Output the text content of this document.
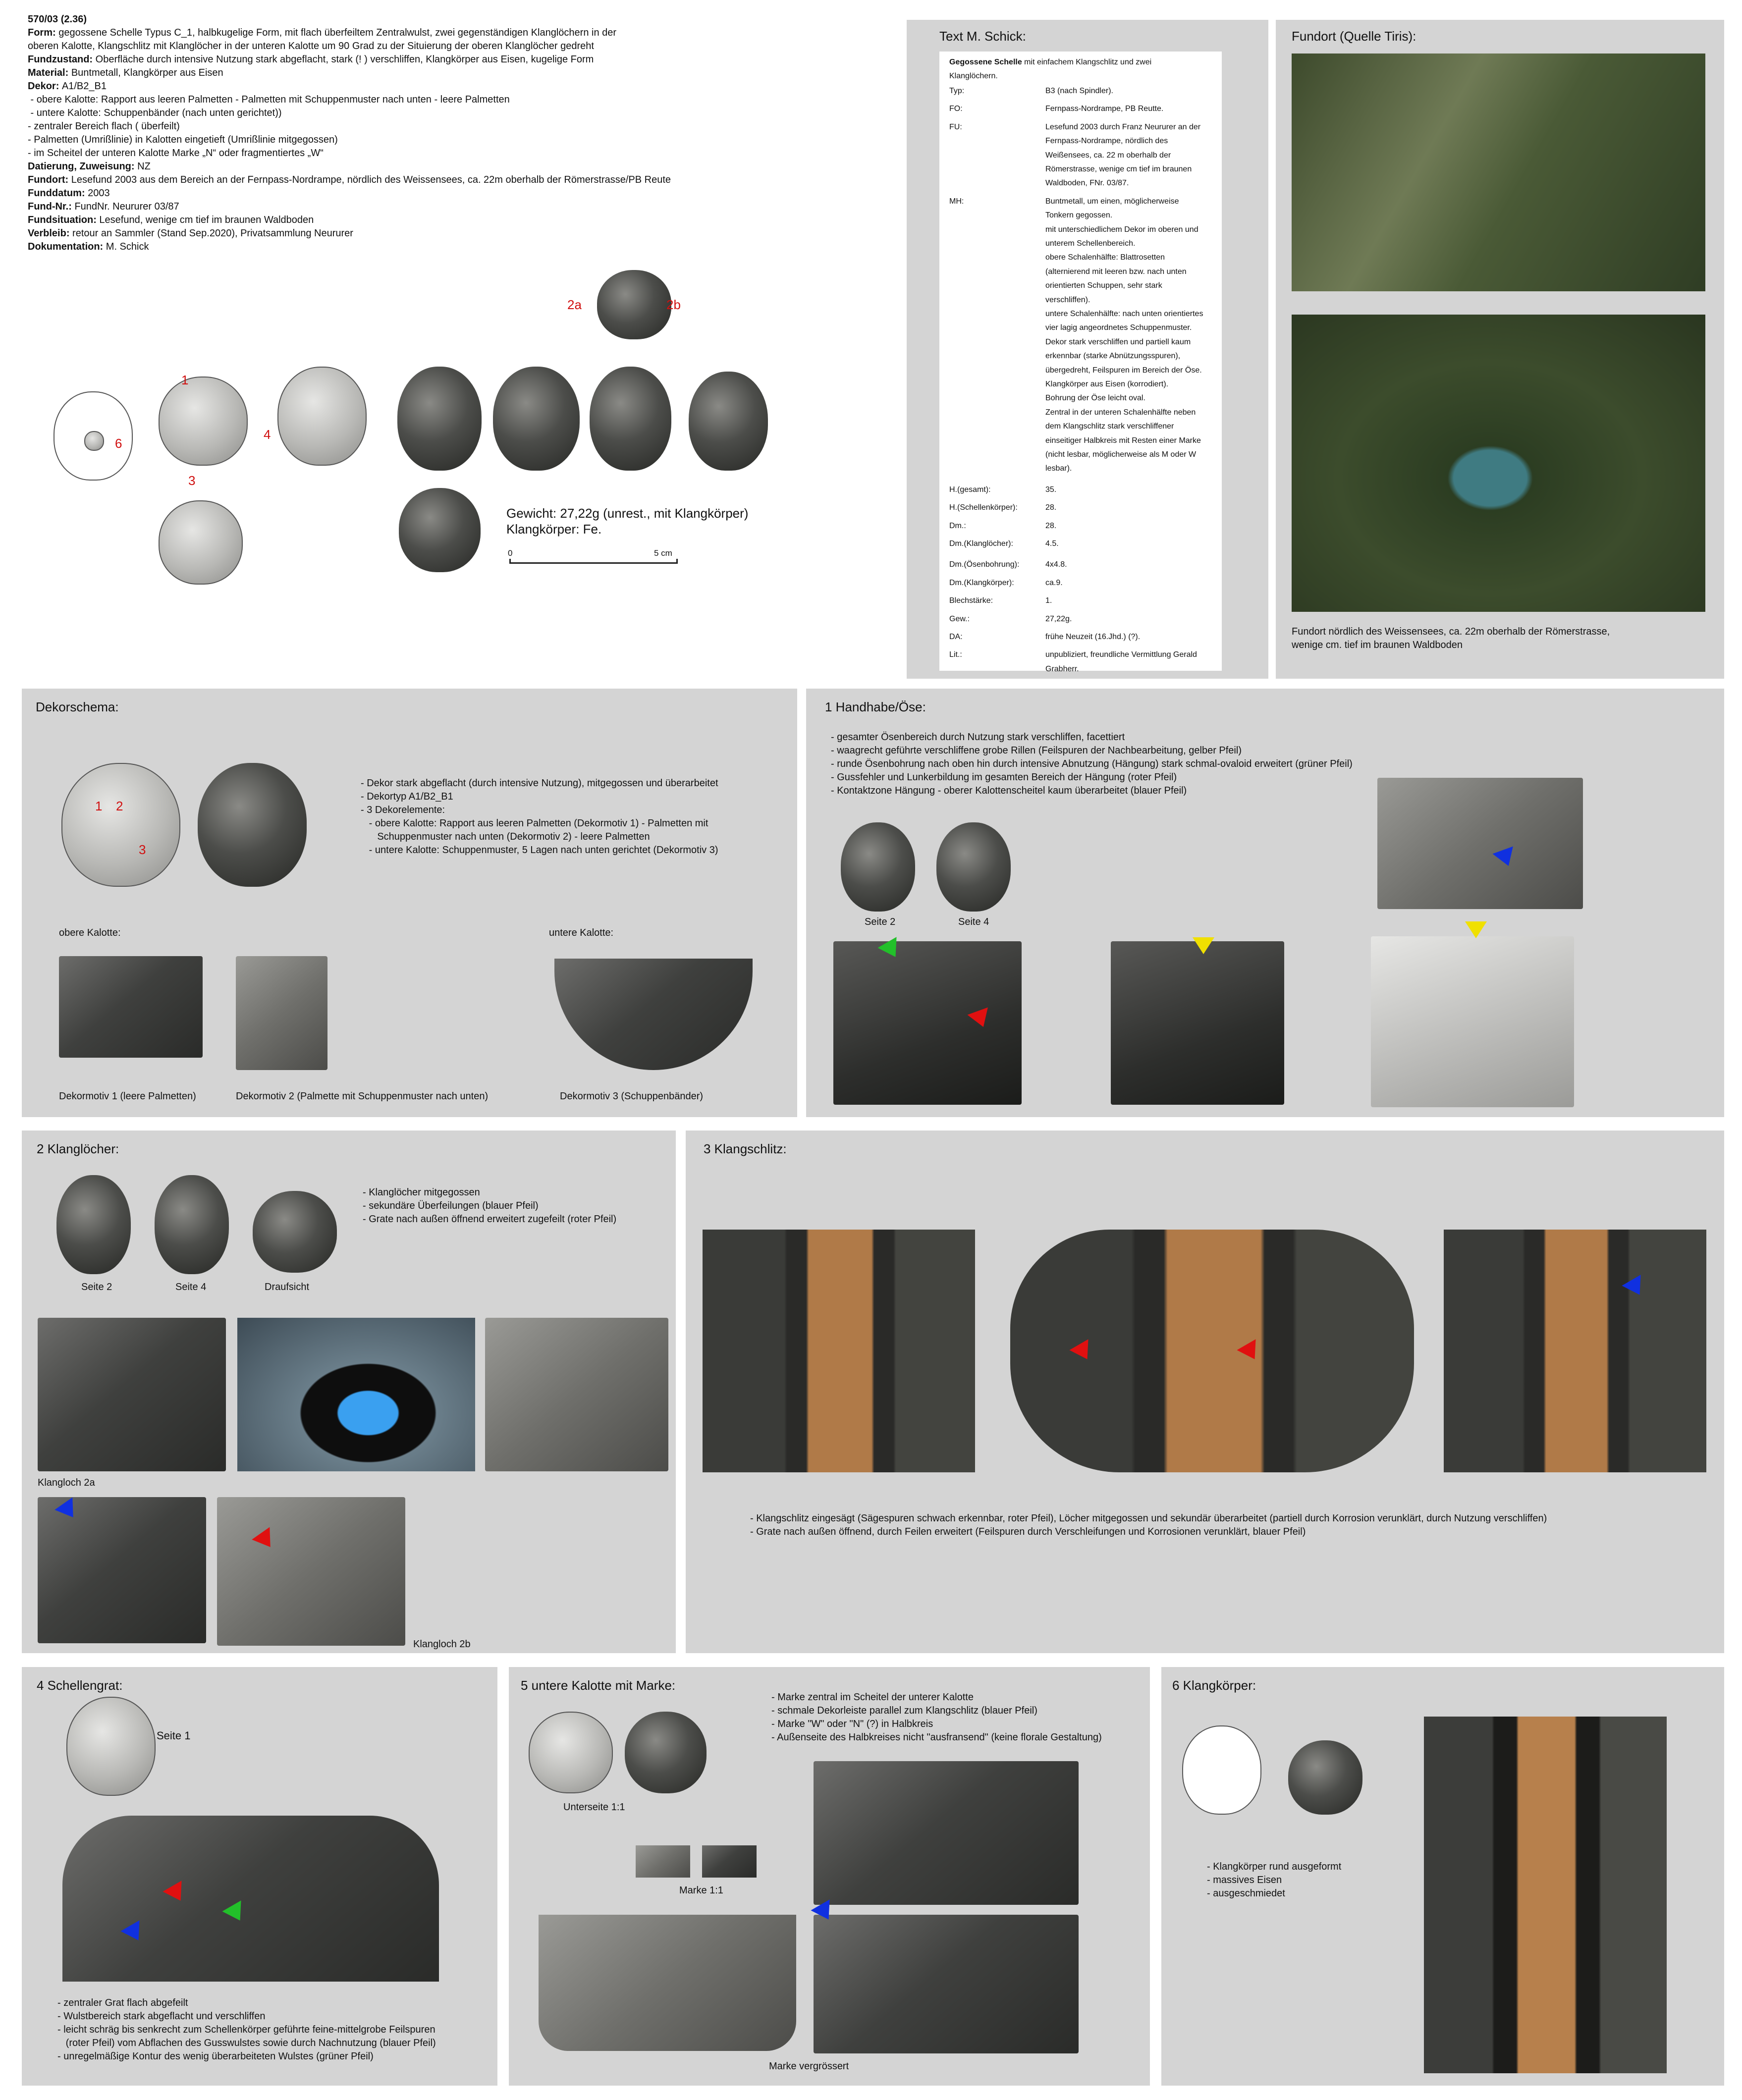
570/03 (2.36)
Form: gegossene Schelle Typus C_1, halbkugelige Form, mit flach überfeiltem Zentralwulst, zwei gegenständigen Klanglöchern in der
oberen Kalotte, Klangschlitz mit Klanglöcher in der unteren Kalotte um 90 Grad zu der Situierung der oberen Klanglöcher gedreht
Fundzustand: Oberfläche durch intensive Nutzung stark abgeflacht, stark (! ) verschliffen, Klangkörper aus Eisen, kugelige Form
Material: Buntmetall, Klangkörper aus Eisen
Dekor: A1/B2_B1
- obere Kalotte: Rapport aus leeren Palmetten - Palmetten mit Schuppenmuster nach unten - leere Palmetten
- untere Kalotte: Schuppenbänder (nach unten gerichtet))
- zentraler Bereich flach ( überfeilt)
- Palmetten (Umrißlinie) in Kalotten eingetieft (Umrißlinie mitgegossen)
- im Scheitel der unteren Kalotte Marke „N“ oder fragmentiertes „W“
Datierung, Zuweisung: NZ
Fundort: Lesefund 2003 aus dem Bereich an der Fernpass-Nordrampe, nördlich des Weissensees, ca. 22m oberhalb der Römerstrasse/PB Reute
Funddatum: 2003
Fund-Nr.: FundNr. Neururer 03/87
Fundsituation: Lesefund, wenige cm tief im braunen Waldboden
Verbleib: retour an Sammler (Stand Sep.2020), Privatsammlung Neururer
Dokumentation: M. Schick
1
3
4
6
2a	2b
Gewicht: 27,22g (unrest., mit Klangkörper)
Klangkörper: Fe.
0	5 cm
Text M. Schick:
Gegossene Schelle mit einfachem Klangschlitz und zwei
Klanglöchern.
Typ:	B3 (nach Spindler).
FO:	Fernpass-Nordrampe, PB Reutte.
FU:	Lesefund 2003 durch Franz Neururer an der
Fernpass-Nordrampe, nördlich des
Weißensees, ca. 22 m oberhalb der
Römerstrasse, wenige cm tief im braunen
Waldboden, FNr. 03/87.
MH:	Buntmetall, um einen, möglicherweise
Tonkern gegossen.
mit unterschiedlichem Dekor im oberen und
unterem Schellenbereich.
obere Schalenhälfte: Blattrosetten
(alternierend mit leeren bzw. nach unten
orientierten Schuppen, sehr stark
verschliffen).
untere Schalenhälfte: nach unten orientiertes
vier lagig angeordnetes Schuppenmuster.
Dekor stark verschliffen und partiell kaum
erkennbar (starke Abnützungsspuren),
übergedreht, Feilspuren im Bereich der Öse.
Klangkörper aus Eisen (korrodiert).
Bohrung der Öse leicht oval.
Zentral in der unteren Schalenhälfte neben
dem Klangschlitz stark verschliffener
einseitiger Halbkreis mit Resten einer Marke
(nicht lesbar, möglicherweise als M oder W
lesbar).
H.(gesamt):	35.
H.(Schellenkörper):	28.
Dm.:	28.
Dm.(Klanglöcher):	4.5.
Dm.(Ösenbohrung):	4x4.8.
Dm.(Klangkörper):	ca.9.
Blechstärke:	1.
Gew.:	27,22g.
DA:	frühe Neuzeit (16.Jhd.) (?).
Lit.:	unpubliziert, freundliche Vermittlung Gerald
Grabherr.
Fundort (Quelle Tiris):
Fundort nördlich des Weissensees, ca. 22m oberhalb der Römerstrasse,
wenige cm. tief im braunen Waldboden
Dekorschema:
1 2
3
- Dekor stark abgeflacht (durch intensive Nutzung), mitgegossen und überarbeitet
- Dekortyp A1/B2_B1
- 3 Dekorelemente:
- obere Kalotte: Rapport aus leeren Palmetten (Dekormotiv 1) - Palmetten mit
Schuppenmuster nach unten (Dekormotiv 2) - leere Palmetten
- untere Kalotte: Schuppenmuster, 5 Lagen nach unten gerichtet (Dekormotiv 3)
obere Kalotte:	untere Kalotte:
Dekormotiv 1 (leere Palmetten)	Dekormotiv 2 (Palmette mit Schuppenmuster nach unten)	Dekormotiv 3 (Schuppenbänder)
1 Handhabe/Öse:
- gesamter Ösenbereich durch Nutzung stark verschliffen, facettiert
- waagrecht geführte verschliffene grobe Rillen (Feilspuren der Nachbearbeitung, gelber Pfeil)
- runde Ösenbohrung nach oben hin durch intensive Abnutzung (Hängung) stark schmal-ovaloid erweitert (grüner Pfeil)
- Gussfehler und Lunkerbildung im gesamten Bereich der Hängung (roter Pfeil)
- Kontaktzone Hängung - oberer Kalottenscheitel kaum überarbeitet (blauer Pfeil)
Seite 2	Seite 4
2 Klanglöcher:
- Klanglöcher mitgegossen
- sekundäre Überfeilungen (blauer Pfeil)
- Grate nach außen öffnend erweitert zugefeilt (roter Pfeil)
Seite 2	Seite 4	Draufsicht
Klangloch 2a
Klangloch 2b
3 Klangschlitz:
- Klangschlitz eingesägt (Sägespuren schwach erkennbar, roter Pfeil), Löcher mitgegossen und sekundär überarbeitet (partiell durch Korrosion verunklärt, durch Nutzung verschliffen)
- Grate nach außen öffnend, durch Feilen erweitert (Feilspuren durch Verschleifungen und Korrosionen verunklärt, blauer Pfeil)
4 Schellengrat:
Seite 1
- zentraler Grat flach abgefeilt
- Wulstbereich stark abgeflacht und verschliffen
- leicht schräg bis senkrecht zum Schellenkörper geführte feine-mittelgrobe Feilspuren
(roter Pfeil) vom Abflachen des Gusswulstes sowie durch Nachnutzung (blauer Pfeil)
- unregelmäßige Kontur des wenig überarbeiteten Wulstes (grüner Pfeil)
5 untere Kalotte mit Marke:
- Marke zentral im Scheitel der unterer Kalotte
- schmale Dekorleiste parallel zum Klangschlitz (blauer Pfeil)
- Marke "W" oder "N" (?) in Halbkreis
- Außenseite des Halbkreises nicht "ausfransend" (keine florale Gestaltung)
Unterseite 1:1
Marke 1:1
Marke vergrössert
6 Klangkörper:
- Klangkörper rund ausgeformt
- massives Eisen
- ausgeschmiedet
